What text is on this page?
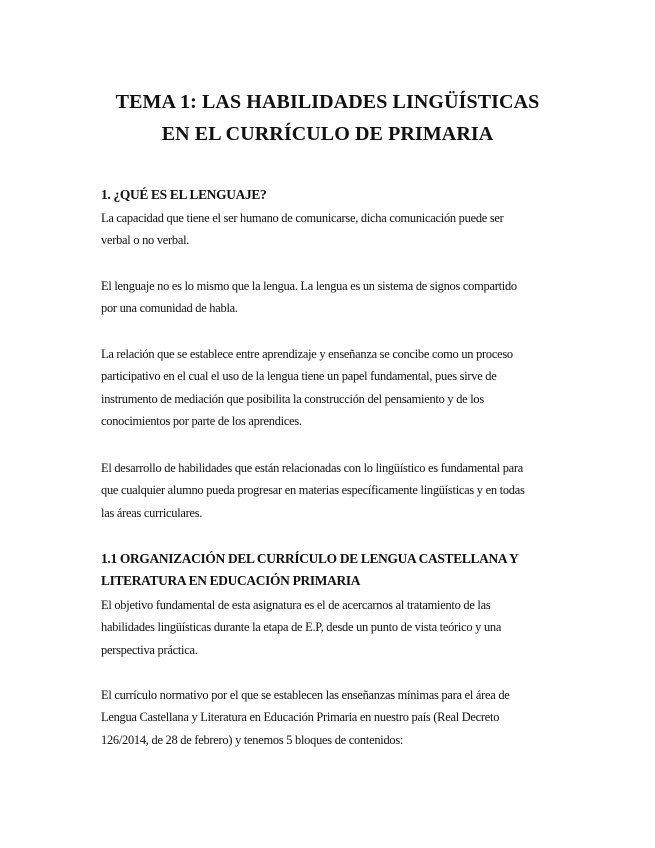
TEMA 1: LAS HABILIDADES LINGÜÍSTICAS
EN EL CURRÍCULO DE PRIMARIA
1. ¿QUÉ ES EL LENGUAJE?

La capacidad que tiene el ser humano de comunicarse, dicha comunicación puede ser
verbal o no verbal.

El lenguaje no es lo mismo que la lengua. La lengua es un sistema de signos compartido
por una comunidad de habla.

La relación que se establece entre aprendizaje y enseñanza se concibe como un proceso
participativo en el cual el uso de la lengua tiene un papel fundamental, pues sirve de
instrumento de mediación que posibilita la construcción del pensamiento y de los
conocimientos por parte de los aprendices.

El desarrollo de habilidades que están relacionadas con lo lingüístico es fundamental para
que cualquier alumno pueda progresar en materias específicamente lingüísticas y en todas
las áreas curriculares.

1.1 ORGANIZACIÓN DEL CURRÍCULO DE LENGUA CASTELLANA Y
LITERATURA EN EDUCACIÓN PRIMARIA

El objetivo fundamental de esta asignatura es el de acercarnos al tratamiento de las
habilidades lingüísticas durante la etapa de E.P, desde un punto de vista teórico y una
perspectiva práctica.

El currículo normativo por el que se establecen las enseñanzas mínimas para el área de
Lengua Castellana y Literatura en Educación Primaria en nuestro país (Real Decreto
126/2014, de 28 de febrero) y tenemos 5 bloques de contenidos:
